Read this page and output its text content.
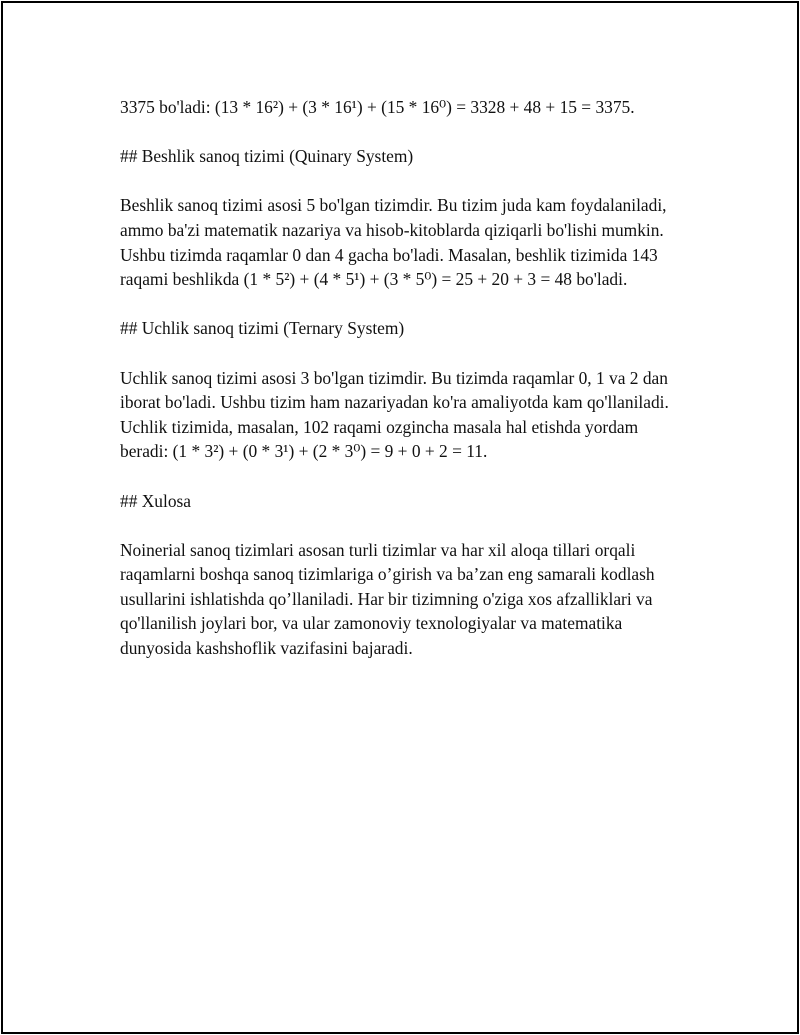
3375 bo'ladi: (13 * 16²) + (3 * 16¹) + (15 * 16⁰) = 3328 + 48 + 15 = 3375.

## Beshlik sanoq tizimi (Quinary System)

Beshlik sanoq tizimi asosi 5 bo'lgan tizimdir. Bu tizim juda kam foydalaniladi, ammo ba'zi matematik nazariya va hisob-kitoblarda qiziqarli bo'lishi mumkin. Ushbu tizimda raqamlar 0 dan 4 gacha bo'ladi. Masalan, beshlik tizimida 143 raqami beshlikda (1 * 5²) + (4 * 5¹) + (3 * 5⁰) = 25 + 20 + 3 = 48 bo'ladi.

## Uchlik sanoq tizimi (Ternary System)

Uchlik sanoq tizimi asosi 3 bo'lgan tizimdir. Bu tizimda raqamlar 0, 1 va 2 dan iborat bo'ladi. Ushbu tizim ham nazariyadan ko'ra amaliyotda kam qo'llaniladi. Uchlik tizimida, masalan, 102 raqami ozgincha masala hal etishda yordam beradi: (1 * 3²) + (0 * 3¹) + (2 * 3⁰) = 9 + 0 + 2 = 11.

## Xulosa

Noinerial sanoq tizimlari asosan turli tizimlar va har xil aloqa tillari orqali raqamlarni boshqa sanoq tizimlariga o’girish va ba’zan eng samarali kodlash usullarini ishlatishda qo’llaniladi. Har bir tizimning o'ziga xos afzalliklari va qo'llanilish joylari bor, va ular zamonoviy texnologiyalar va matematika dunyosida kashshoflik vazifasini bajaradi.
